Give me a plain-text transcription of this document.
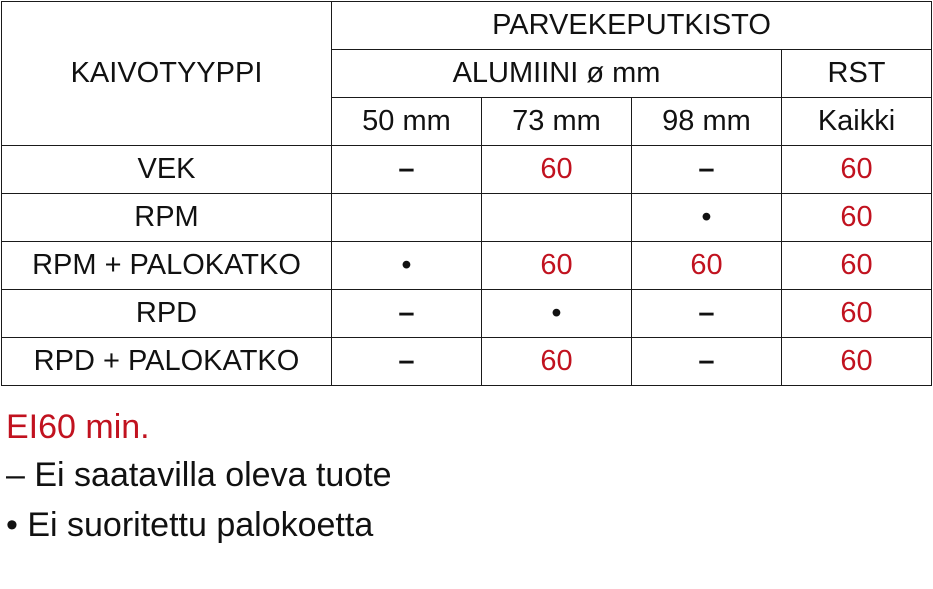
KAIVOTYYPPI	PARVEKEPUTKISTO			
	ALUMIINI ø mm			RST
	50 mm	73 mm	98 mm	Kaikki
VEK	–	60	–	60
RPM			•	60
RPM + PALOKATKO	•	60	60	60
RPD	–	•	–	60
RPD + PALOKATKO	–	60	–	60
EI60 min.
– Ei saatavilla oleva tuote
• Ei suoritettu palokoetta
